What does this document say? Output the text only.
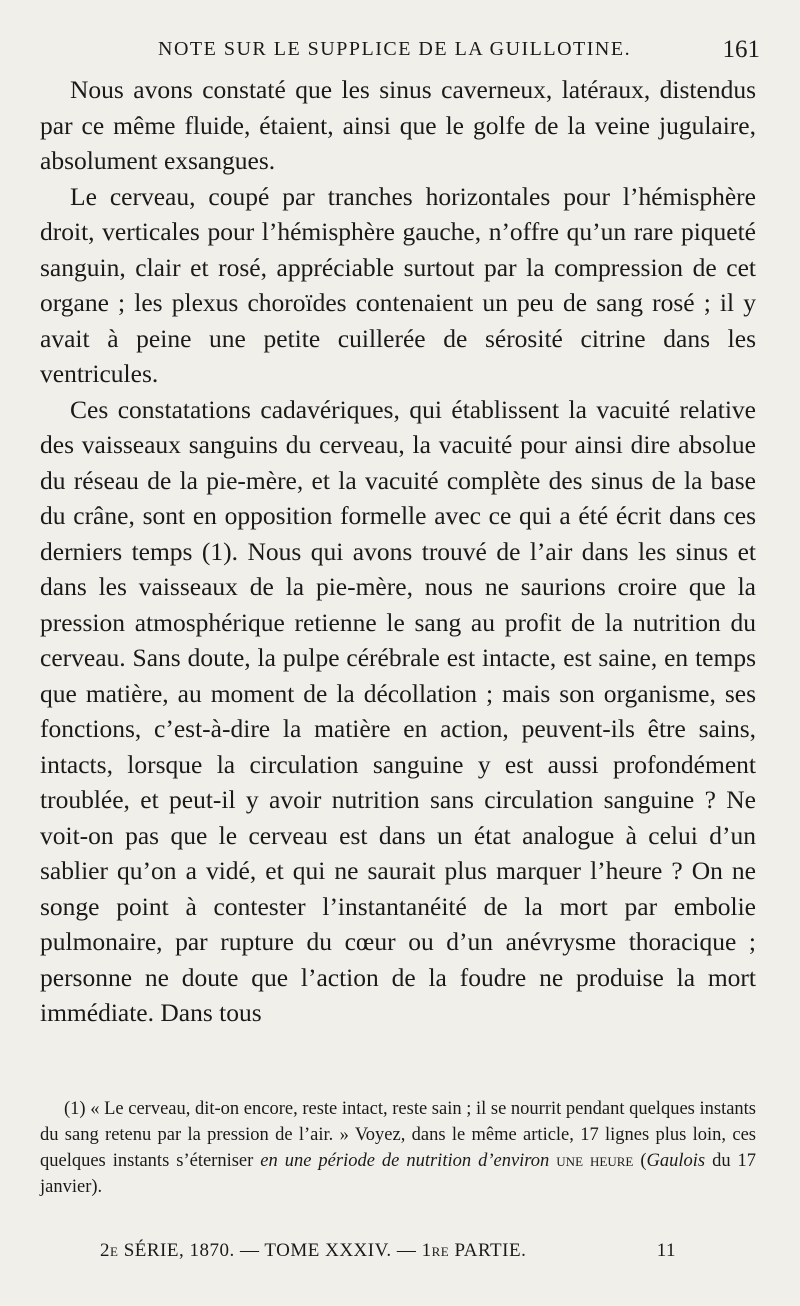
NOTE SUR LE SUPPLICE DE LA GUILLOTINE.	161

Nous avons constaté que les sinus caverneux, latéraux, distendus par ce même fluide, étaient, ainsi que le golfe de la veine jugulaire, absolument exsangues.

Le cerveau, coupé par tranches horizontales pour l’hémisphère droit, verticales pour l’hémisphère gauche, n’offre qu’un rare piqueté sanguin, clair et rosé, appréciable surtout par la compression de cet organe ; les plexus choroïdes contenaient un peu de sang rosé ; il y avait à peine une petite cuillerée de sérosité citrine dans les ventricules.

Ces constatations cadavériques, qui établissent la vacuité relative des vaisseaux sanguins du cerveau, la vacuité pour ainsi dire absolue du réseau de la pie-mère, et la vacuité complète des sinus de la base du crâne, sont en opposition formelle avec ce qui a été écrit dans ces derniers temps (1). Nous qui avons trouvé de l’air dans les sinus et dans les vaisseaux de la pie-mère, nous ne saurions croire que la pression atmosphérique retienne le sang au profit de la nutrition du cerveau. Sans doute, la pulpe cérébrale est intacte, est saine, en temps que matière, au moment de la décollation ; mais son organisme, ses fonctions, c’est-à-dire la matière en action, peuvent-ils être sains, intacts, lorsque la circulation sanguine y est aussi profondément troublée, et peut-il y avoir nutrition sans circulation sanguine ? Ne voit-on pas que le cerveau est dans un état analogue à celui d’un sablier qu’on a vidé, et qui ne saurait plus marquer l’heure ? On ne songe point à contester l’instantanéité de la mort par embolie pulmonaire, par rupture du cœur ou d’un anévrysme thoracique ; personne ne doute que l’action de la foudre ne produise la mort immédiate. Dans tous

(1) « Le cerveau, dit-on encore, reste intact, reste sain ; il se nourrit pendant quelques instants du sang retenu par la pression de l’air. » Voyez, dans le même article, 17 lignes plus loin, ces quelques instants s’éterniser en une période de nutrition d’environ une heure (Gaulois du 17 janvier).

2e SÉRIE, 1870. — TOME XXXIV. — 1re PARTIE.	11
